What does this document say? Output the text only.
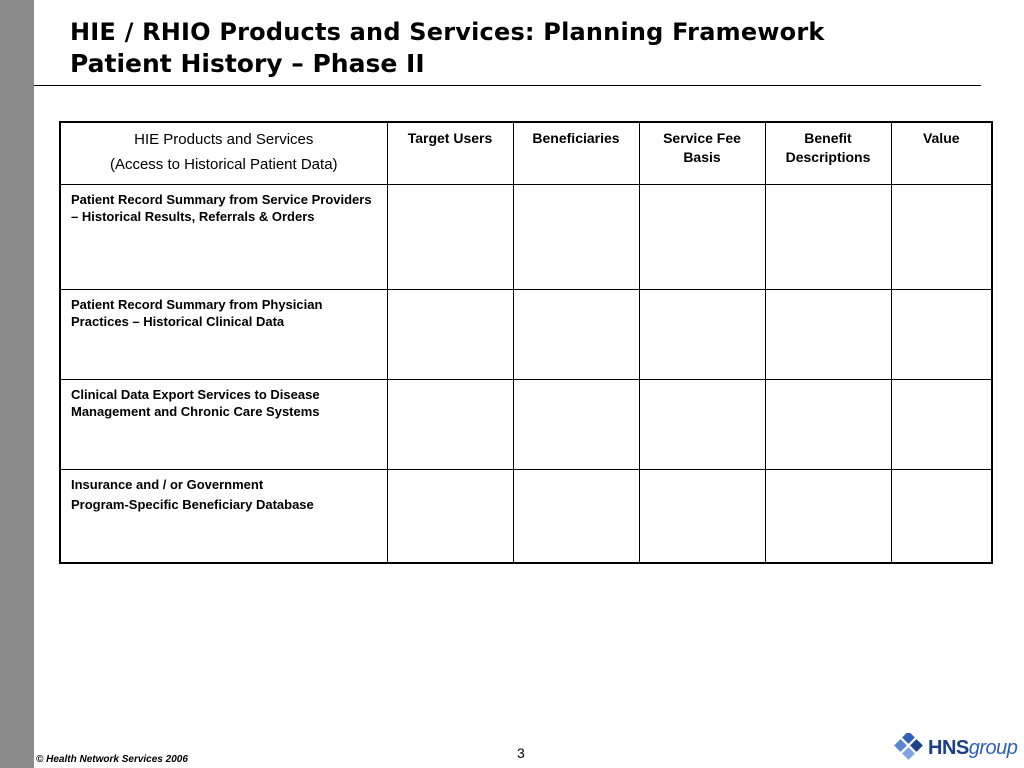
HIE / RHIO Products and Services: Planning Framework
Patient History – Phase II
HIE Products and Services
(Access to Historical Patient Data)	Target Users	Beneficiaries	Service Fee Basis	Benefit Descriptions	Value
Patient Record Summary from Service Providers – Historical Results, Referrals & Orders					
Patient Record Summary from Physician Practices – Historical Clinical Data					
Clinical Data Export Services to Disease Management and Chronic Care Systems					

Insurance and / or Government
Program-Specific Beneficiary Database					

© Health Network Services 2006	3	HNSgroup
